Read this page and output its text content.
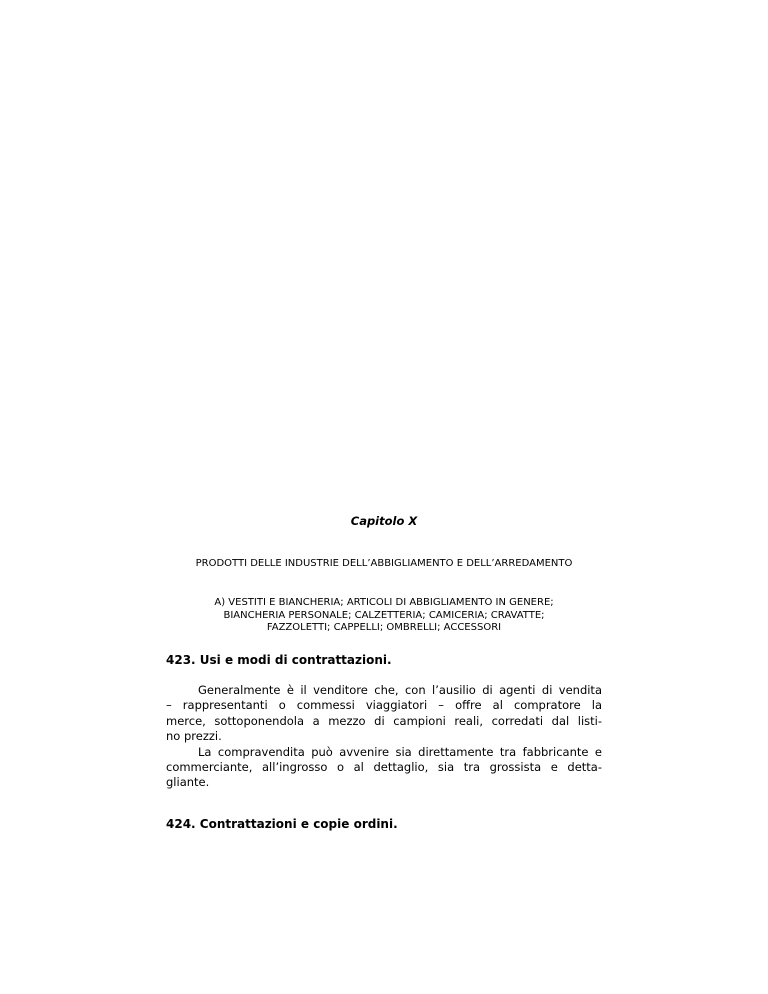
Capitolo X

PRODOTTI DELLE INDUSTRIE DELL’ABBIGLIAMENTO E DELL’ARREDAMENTO

A) VESTITI E BIANCHERIA; ARTICOLI DI ABBIGLIAMENTO IN GENERE;
BIANCHERIA PERSONALE; CALZETTERIA; CAMICERIA; CRAVATTE;
FAZZOLETTI; CAPPELLI; OMBRELLI; ACCESSORI

423. Usi e modi di contrattazioni.
Generalmente è il venditore che, con l’ausilio di agenti di vendita
– rappresentanti o commessi viaggiatori – offre al compratore la
merce, sottoponendola a mezzo di campioni reali, corredati dal listi-
no prezzi.
La compravendita può avvenire sia direttamente tra fabbricante e
commerciante, all’ingrosso o al dettaglio, sia tra grossista e detta-
gliante.
424. Contrattazioni e copie ordini.
